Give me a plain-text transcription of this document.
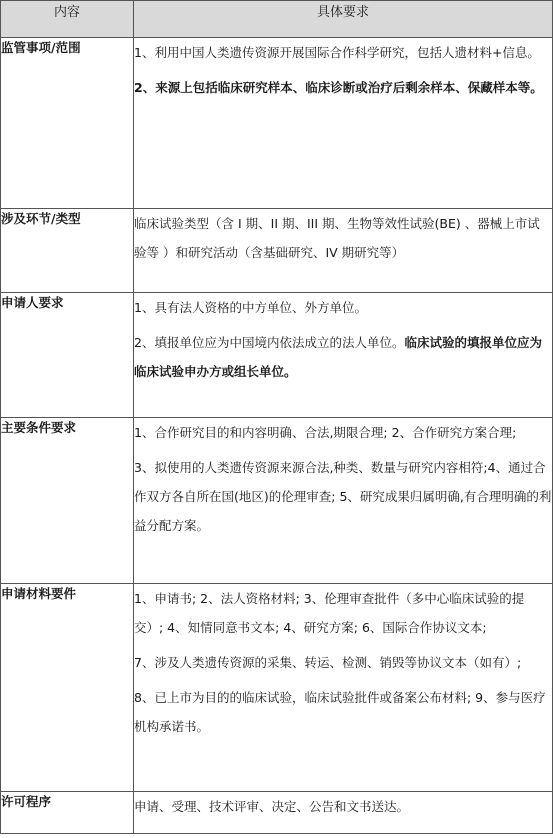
内容	具体要求
监管事项/范围	1、利用中国人类遗传资源开展国际合作科学研究，包括人遗材料+信息。

2、来源上包括临床研究样本、临床诊断或治疗后剩余样本、保藏样本等。

涉及环节/类型	临床试验类型（含 I 期、II 期、III 期、生物等效性试验(BE) 、器械上市试验等 ）和研究活动（含基础研究、IV 期研究等）

申请人要求	1、具有法人资格的中方单位、外方单位。

2、填报单位应为中国境内依法成立的法人单位。临床试验的填报单位应为临床试验申办方或组长单位。

主要条件要求	1、合作研究目的和内容明确、合法,期限合理; 2、合作研究方案合理;

3、拟使用的人类遗传资源来源合法,种类、数量与研究内容相符;4、通过合作双方各自所在国(地区)的伦理审查; 5、研究成果归属明确,有合理明确的利益分配方案。

申请材料要件	1、申请书; 2、法人资格材料; 3、伦理审查批件（多中心临床试验的提交）; 4、知情同意书文本; 4、研究方案; 6、国际合作协议文本;

7、涉及人类遗传资源的采集、转运、检测、销毁等协议文本（如有）;

8、已上市为目的的临床试验，临床试验批件或备案公布材料; 9、参与医疗机构承诺书。

许可程序	申请、受理、技术评审、决定、公告和文书送达。
